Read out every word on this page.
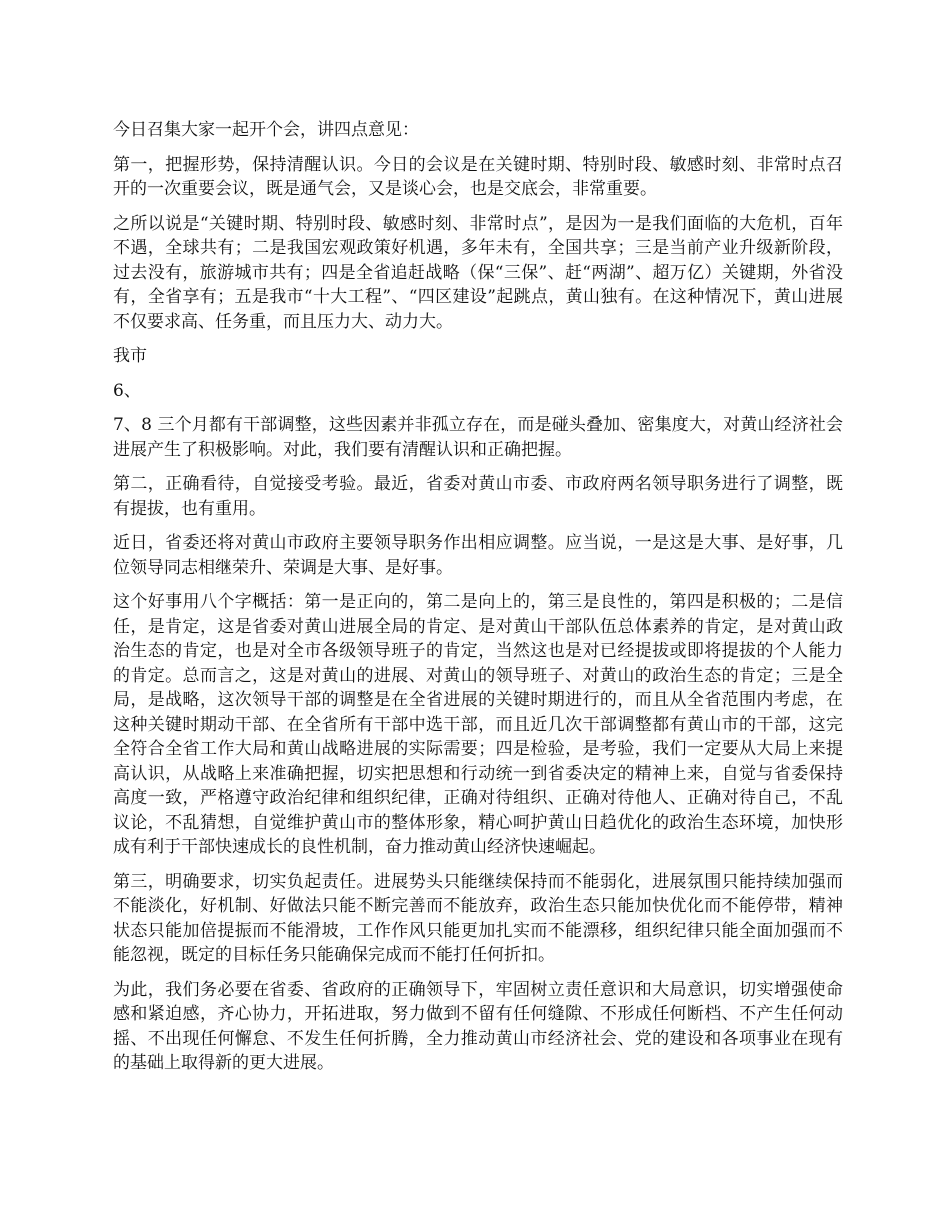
今日召集大家一起开个会，讲四点意见：

第一，把握形势，保持清醒认识。今日的会议是在关键时期、特别时段、敏感时刻、非常时点召开的一次重要会议，既是通气会，又是谈心会，也是交底会，非常重要。

之所以说是“关键时期、特别时段、敏感时刻、非常时点”，是因为一是我们面临的大危机，百年不遇，全球共有；二是我国宏观政策好机遇，多年未有，全国共享；三是当前产业升级新阶段，过去没有，旅游城市共有；四是全省追赶战略（保“三保”、赶“两湖”、超万亿）关键期，外省没有，全省享有；五是我市“十大工程”、“四区建设”起跳点，黄山独有。在这种情况下，黄山进展不仅要求高、任务重，而且压力大、动力大。

我市

6、

7、8 三个月都有干部调整，这些因素并非孤立存在，而是碰头叠加、密集度大，对黄山经济社会进展产生了积极影响。对此，我们要有清醒认识和正确把握。

第二，正确看待，自觉接受考验。最近，省委对黄山市委、市政府两名领导职务进行了调整，既有提拔，也有重用。

近日，省委还将对黄山市政府主要领导职务作出相应调整。应当说，一是这是大事、是好事，几位领导同志相继荣升、荣调是大事、是好事。

这个好事用八个字概括：第一是正向的，第二是向上的，第三是良性的，第四是积极的；二是信任，是肯定，这是省委对黄山进展全局的肯定、是对黄山干部队伍总体素养的肯定，是对黄山政治生态的肯定，也是对全市各级领导班子的肯定，当然这也是对已经提拔或即将提拔的个人能力的肯定。总而言之，这是对黄山的进展、对黄山的领导班子、对黄山的政治生态的肯定；三是全局，是战略，这次领导干部的调整是在全省进展的关键时期进行的，而且从全省范围内考虑，在这种关键时期动干部、在全省所有干部中选干部，而且近几次干部调整都有黄山市的干部，这完全符合全省工作大局和黄山战略进展的实际需要；四是检验，是考验，我们一定要从大局上来提高认识，从战略上来准确把握，切实把思想和行动统一到省委决定的精神上来，自觉与省委保持高度一致，严格遵守政治纪律和组织纪律，正确对待组织、正确对待他人、正确对待自己，不乱议论，不乱猜想，自觉维护黄山市的整体形象，精心呵护黄山日趋优化的政治生态环境，加快形成有利于干部快速成长的良性机制，奋力推动黄山经济快速崛起。

第三，明确要求，切实负起责任。进展势头只能继续保持而不能弱化，进展氛围只能持续加强而不能淡化，好机制、好做法只能不断完善而不能放弃，政治生态只能加快优化而不能停带，精神状态只能加倍提振而不能滑坡，工作作风只能更加扎实而不能漂移，组织纪律只能全面加强而不能忽视，既定的目标任务只能确保完成而不能打任何折扣。

为此，我们务必要在省委、省政府的正确领导下，牢固树立责任意识和大局意识，切实增强使命感和紧迫感，齐心协力，开拓进取，努力做到不留有任何缝隙、不形成任何断档、不产生任何动摇、不出现任何懈怠、不发生任何折腾，全力推动黄山市经济社会、党的建设和各项事业在现有的基础上取得新的更大进展。
